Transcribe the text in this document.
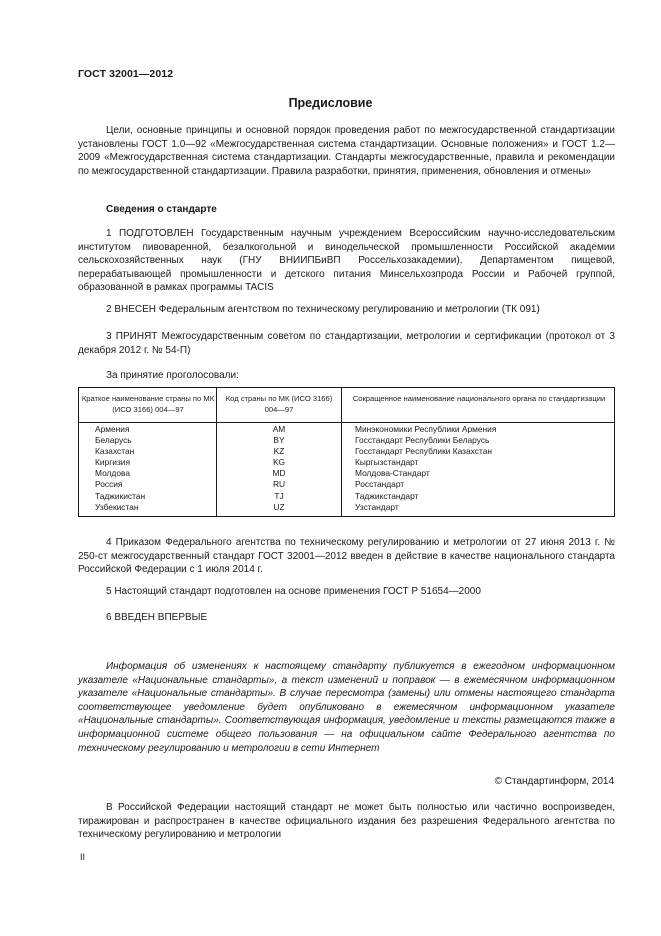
ГОСТ 32001—2012
Предисловие
Цели, основные принципы и основной порядок проведения работ по межгосударственной стандартизации установлены ГОСТ 1.0—92 «Межгосударственная система стандартизации. Основные положения» и ГОСТ 1.2—2009 «Межгосударственная система стандартизации. Стандарты межгосударственные, правила и рекомендации по межгосударственной стандартизации. Правила разработки, принятия, применения, обновления и отмены»
Сведения о стандарте
1 ПОДГОТОВЛЕН Государственным научным учреждением Всероссийским научно-исследовательским институтом пивоваренной, безалкогольной и винодельческой промышленности Российской академии сельскохозяйственных наук (ГНУ ВНИИПБиВП Россельхозакадемии), Департаментом пищевой, перерабатывающей промышленности и детского питания Минсельхозпрода России и Рабочей группой, образованной в рамках программы TACIS
2 ВНЕСЕН Федеральным агентством по техническому регулированию и метрологии (ТК 091)
3 ПРИНЯТ Межгосударственным советом по стандартизации, метрологии и сертификации (протокол от 3 декабря 2012 г. № 54-П)
За принятие проголосовали:
Краткое наименование страны по МК (ИСО 3166) 004—97
Код страны по МК (ИСО 3166) 004—97
Сокращенное наименование национального органа по стандартизации
Армения
Беларусь
Казахстан
Киргизия
Молдова
Россия
Таджикистан
Узбекистан
AM
BY
KZ
KG
MD
RU
TJ
UZ
Минэкономики Республики Армения
Госстандарт Республики Беларусь
Госстандарт Республики Казахстан
Кыргызстандарт
Молдова-Стандарт
Росстандарт
Таджикстандарт
Узстандарт
4 Приказом Федерального агентства по техническому регулированию и метрологии от 27 июня 2013 г. № 250-ст межгосударственный стандарт ГОСТ 32001—2012 введен в действие в качестве национального стандарта Российской Федерации с 1 июля 2014 г.
5 Настоящий стандарт подготовлен на основе применения ГОСТ Р 51654—2000
6 ВВЕДЕН ВПЕРВЫЕ
Информация об изменениях к настоящему стандарту публикуется в ежегодном информационном указателе «Национальные стандарты», а текст изменений и поправок — в ежемесячном информационном указателе «Национальные стандарты». В случае пересмотра (замены) или отмены настоящего стандарта соответствующее уведомление будет опубликовано в ежемесячном информационном указателе «Национальные стандарты». Соответствующая информация, уведомление и тексты размещаются также в информационной системе общего пользования — на официальном сайте Федерального агентства по техническому регулированию и метрологии в сети Интернет
© Стандартинформ, 2014
В Российской Федерации настоящий стандарт не может быть полностью или частично воспроизведен, тиражирован и распространен в качестве официального издания без разрешения Федерального агентства по техническому регулированию и метрологии
II
